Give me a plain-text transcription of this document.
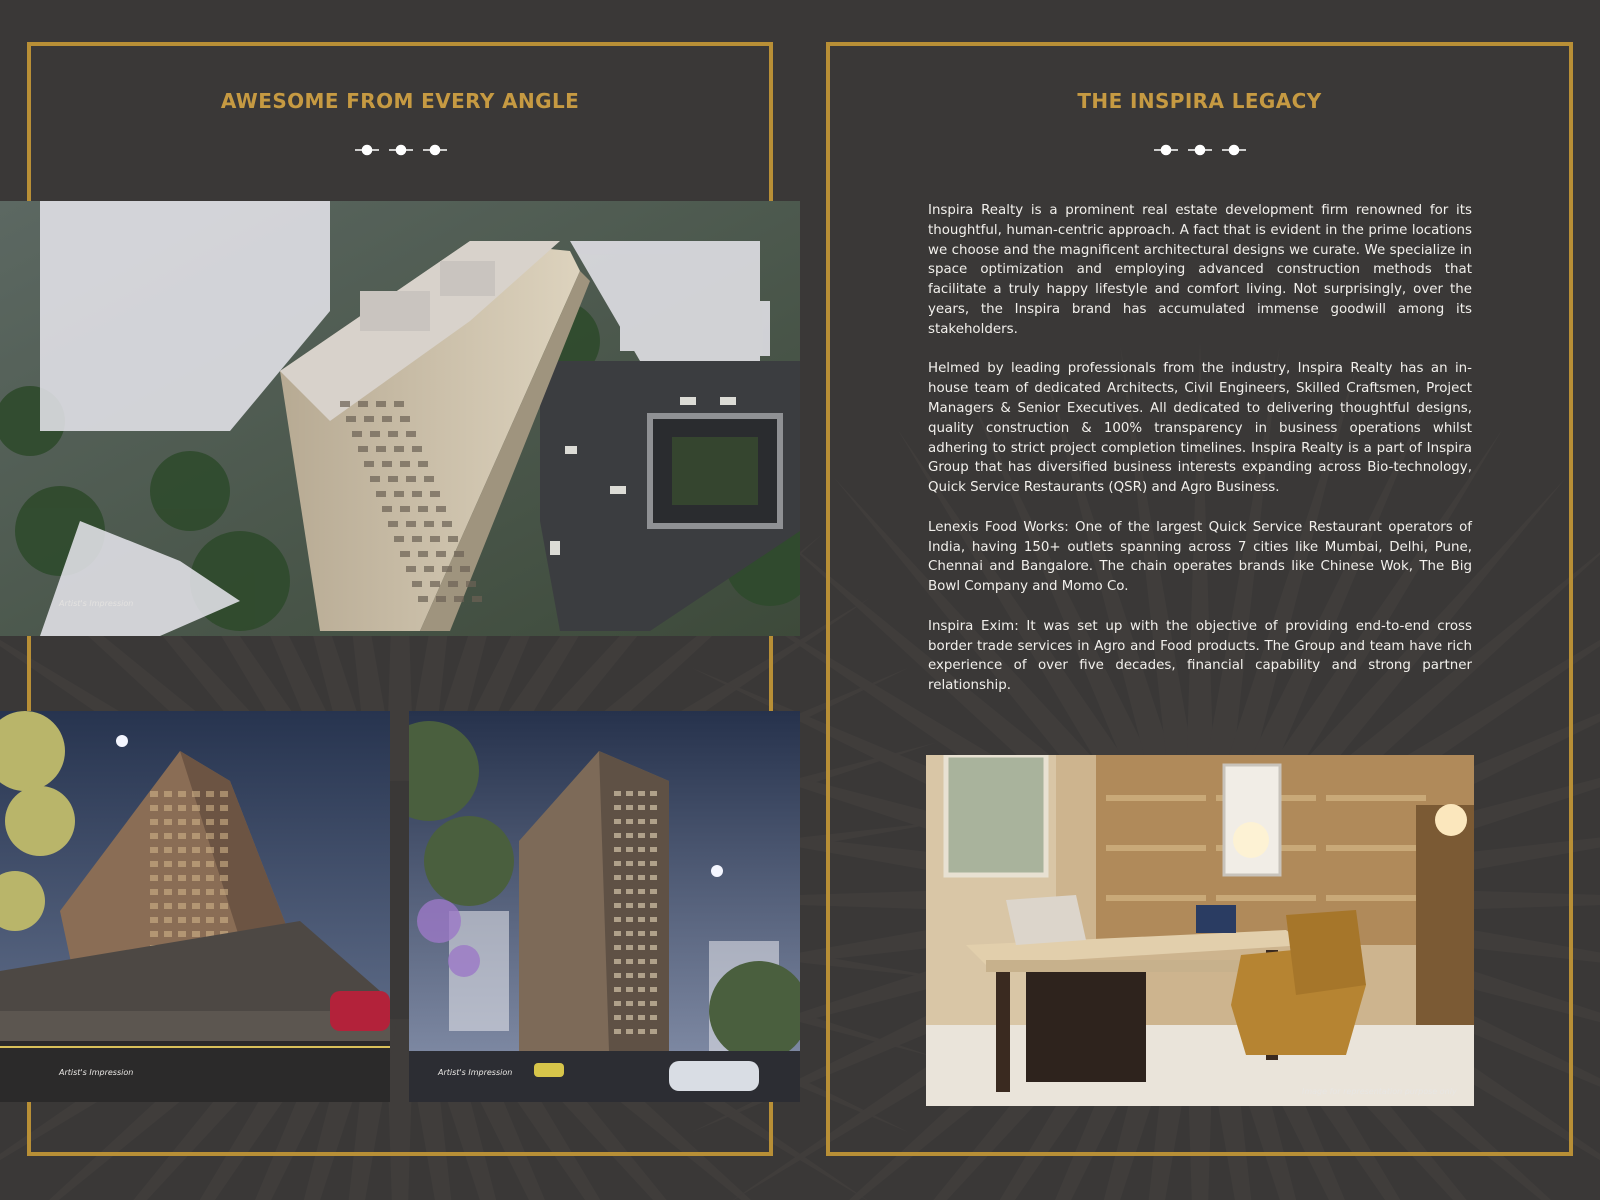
AWESOME FROM EVERY ANGLE
Artist's Impression
Artist's Impression	Artist's Impression
THE INSPIRA LEGACY

Inspira Realty is a prominent real estate development firm renowned for its thoughtful, human-centric approach. A fact that is evident in the prime locations we choose and the magnificent architectural designs we curate. We specialize in space optimization and employing advanced construction methods that facilitate a truly happy lifestyle and comfort living. Not surprisingly, over the years, the Inspira brand has accumulated immense goodwill among its stakeholders.

Helmed by leading professionals from the industry, Inspira Realty has an in-house team of dedicated Architects, Civil Engineers, Skilled Craftsmen, Project Managers & Senior Executives. All dedicated to delivering thoughtful designs, quality construction & 100% transparency in business operations whilst adhering to strict project completion timelines. Inspira Realty is a part of Inspira Group that has diversified business interests expanding across Bio-technology, Quick Service Restaurants (QSR) and Agro Business.

Lenexis Food Works: One of the largest Quick Service Restaurant operators of India, having 150+ outlets spanning across 7 cities like Mumbai, Delhi, Pune, Chennai and Bangalore. The chain operates brands like Chinese Wok, The Big Bowl Company and Momo Co.

Inspira Exim: It was set up with the objective of providing end-to-end cross border trade services in Agro and Food products. The Group and team have rich experience of over five decades, financial capability and strong partner relationship.

Image for representation purpose only
